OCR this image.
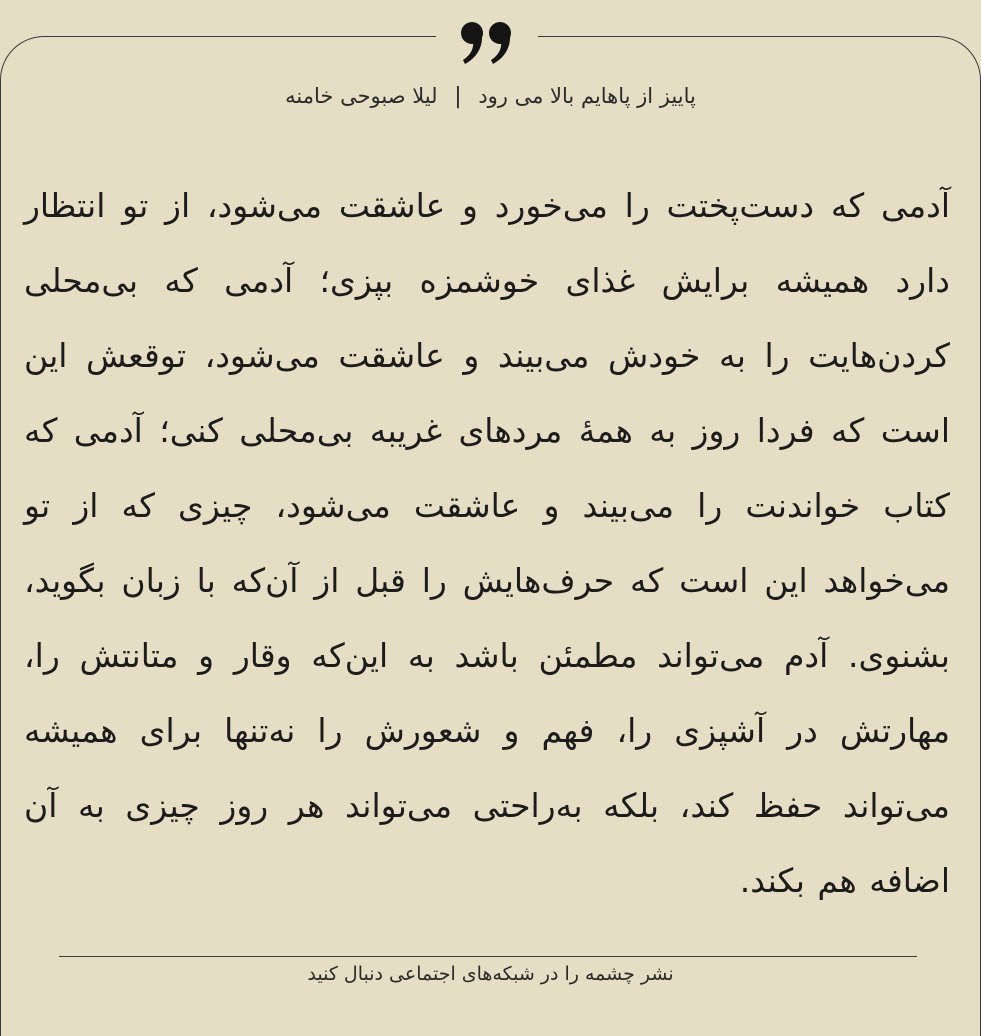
پاییز از پاهایم بالا می رود | لیلا صبوحی خامنه
آدمی که دست‌پختت را می‌خورد و عاشقت می‌شود، از تو انتظار دارد همیشه برایش غذای خوشمزه بپزی؛ آدمی که بی‌محلی کردن‌هایت را به خودش می‌بیند و عاشقت می‌شود، توقعش این است که فردا روز به همهٔ مردهای غریبه بی‌محلی کنی؛ آدمی که کتاب خواندنت را می‌بیند و عاشقت می‌شود، چیزی که از تو می‌خواهد این است که حرف‌هایش را قبل از آن‌که با زبان بگوید، بشنوی. آدم می‌تواند مطمئن باشد به این‌که وقار و متانتش را، مهارتش در آشپزی را، فهم و شعورش را نه‌تنها برای همیشه می‌تواند حفظ کند، بلکه به‌راحتی می‌تواند هر روز چیزی به آن اضافه هم بکند.
نشر چشمه را در شبکه‌های اجتماعی دنبال کنید
